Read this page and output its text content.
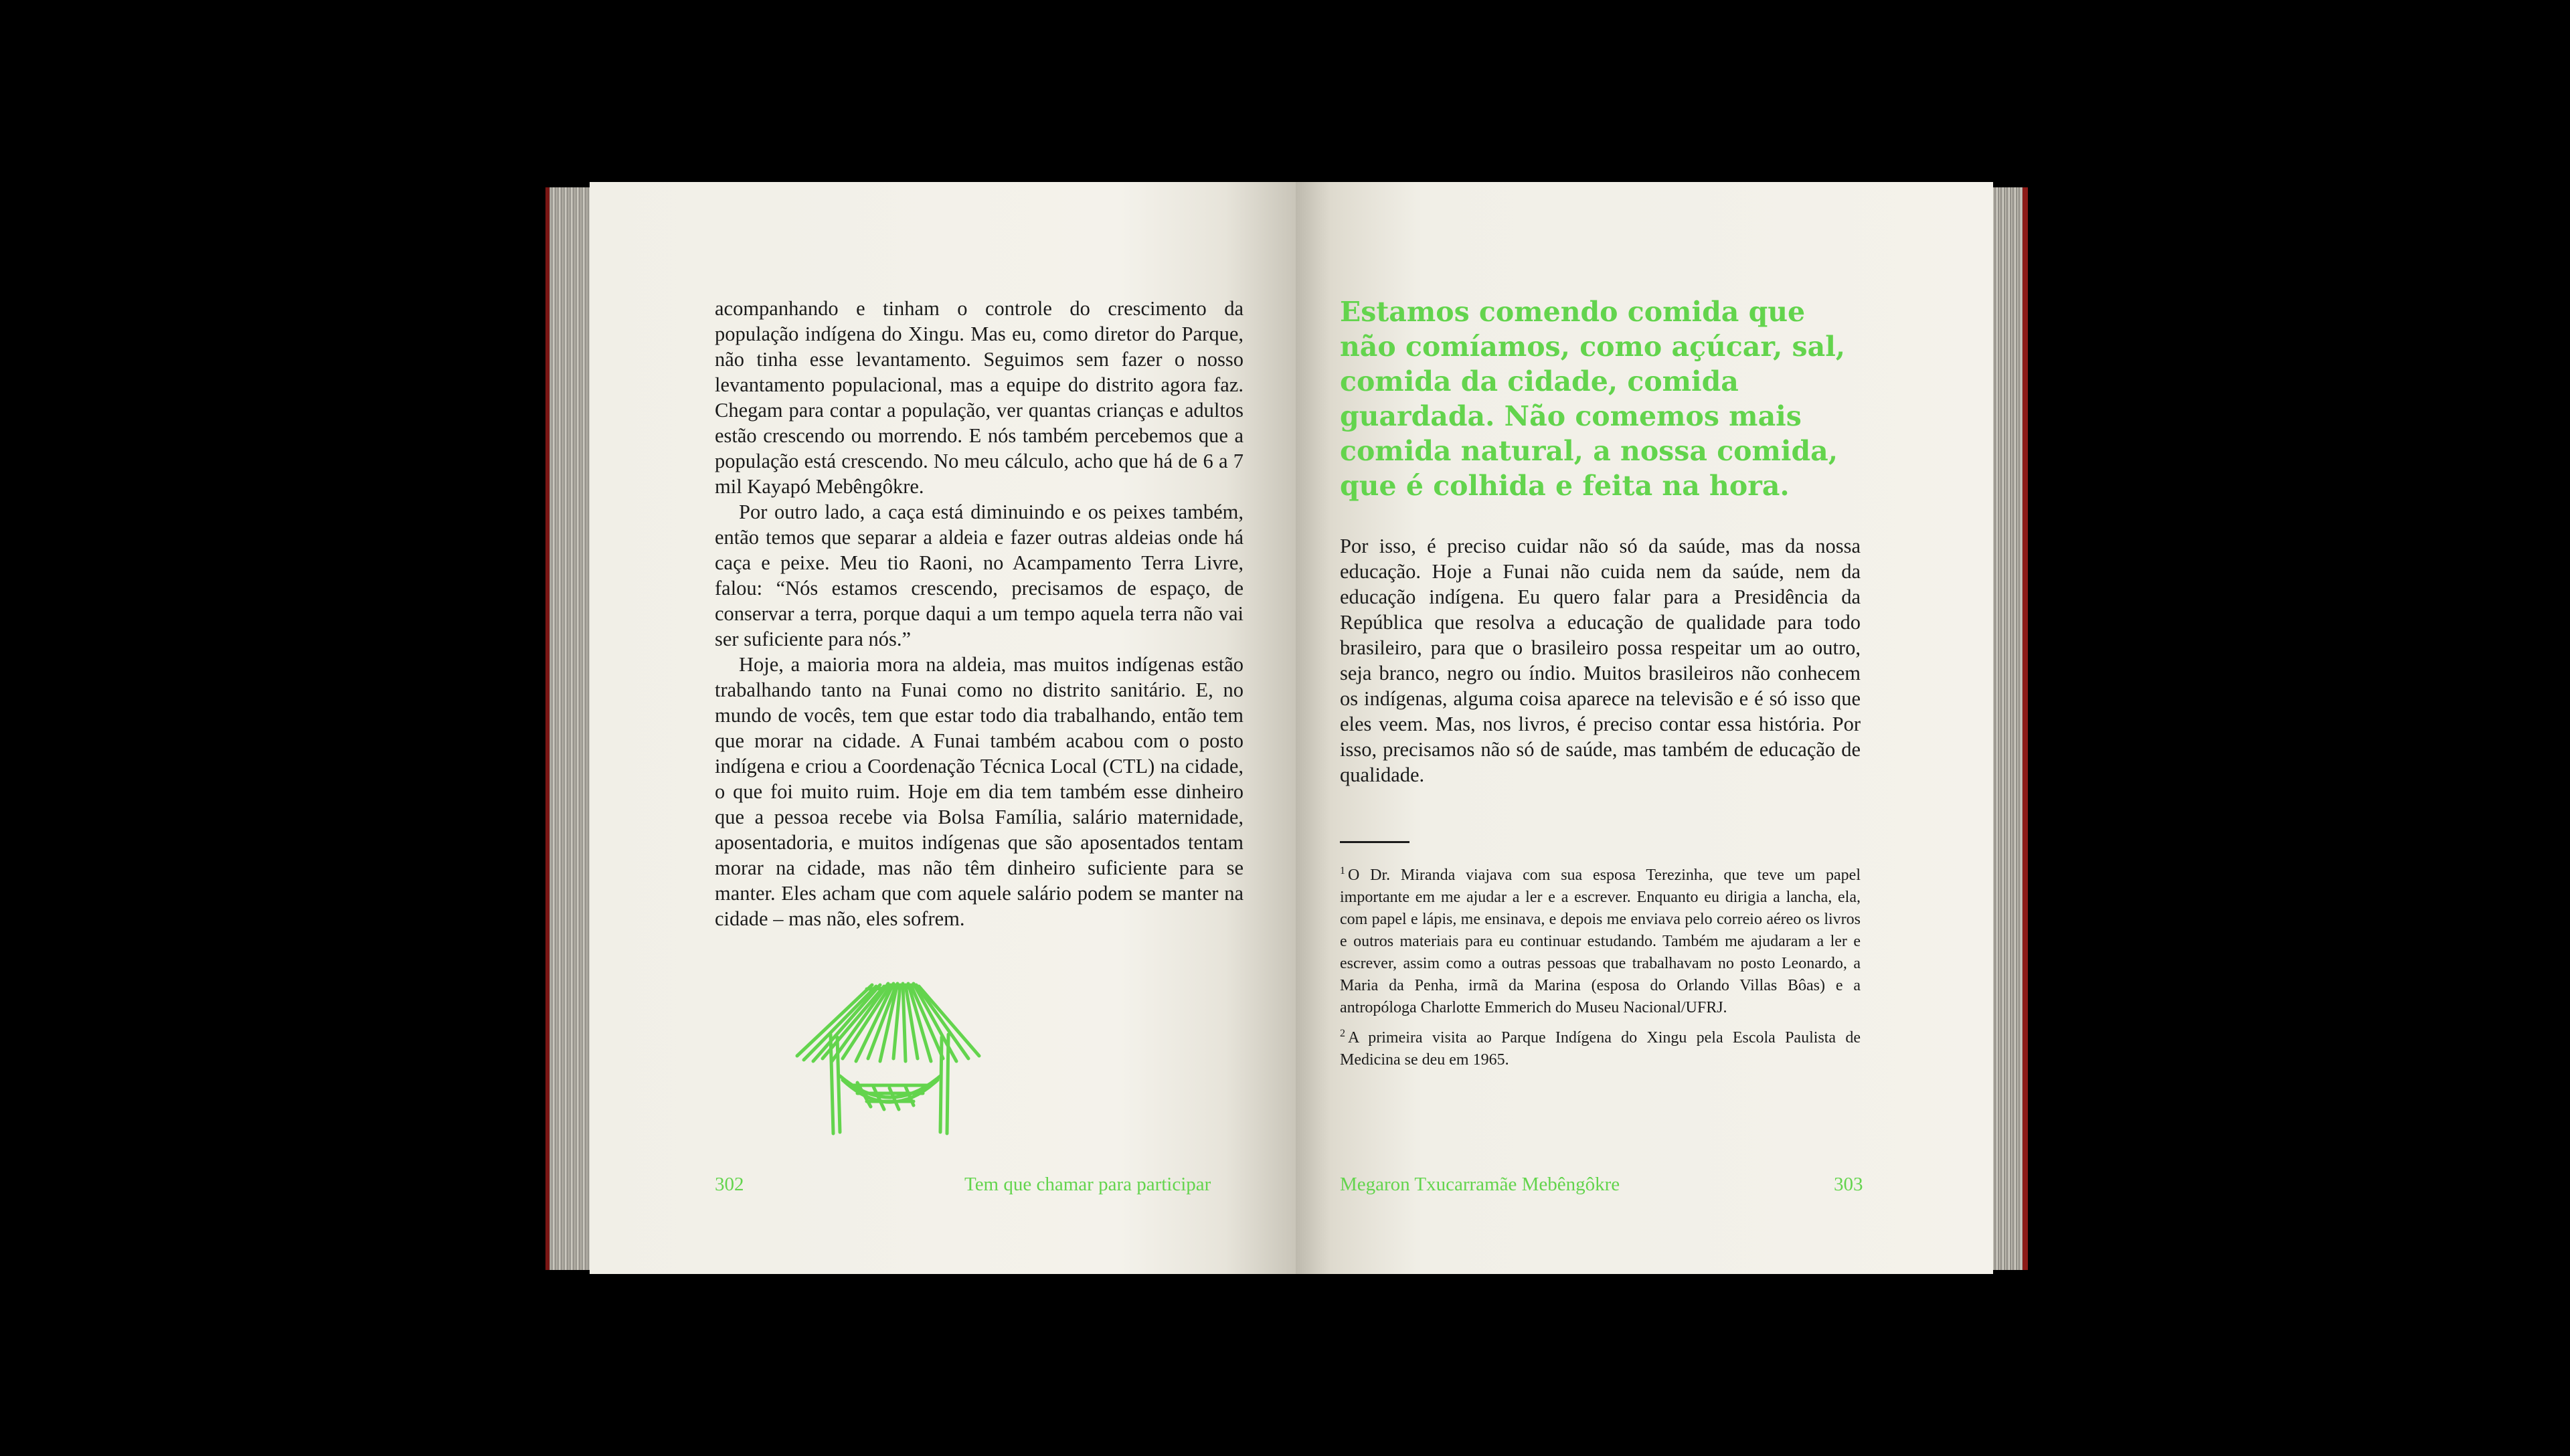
acompanhando e tinham o controle do crescimento da população indígena do Xingu. Mas eu, como diretor do Parque, não tinha esse levantamento. Seguimos sem fazer o nosso levantamento populacional, mas a equipe do distrito agora faz. Chegam para contar a população, ver quantas crianças e adultos estão crescendo ou morrendo. E nós também percebemos que a população está crescendo. No meu cálculo, acho que há de 6 a 7 mil Kayapó Mebêngôkre.

Por outro lado, a caça está diminuindo e os peixes também, então temos que separar a aldeia e fazer outras aldeias onde há caça e peixe. Meu tio Raoni, no Acampamento Terra Livre, falou: “Nós estamos crescendo, precisamos de espaço, de conservar a terra, porque daqui a um tempo aquela terra não vai ser suficiente para nós.”

Hoje, a maioria mora na aldeia, mas muitos indígenas estão trabalhando tanto na Funai como no distrito sanitário. E, no mundo de vocês, tem que estar todo dia trabalhando, então tem que morar na cidade. A Funai também acabou com o posto indígena e criou a Coordenação Técnica Local (CTL) na cidade, o que foi muito ruim. Hoje em dia tem também esse dinheiro que a pessoa recebe via Bolsa Família, salário maternidade, aposentadoria, e muitos indígenas que são aposentados tentam morar na cidade, mas não têm dinheiro suficiente para se manter. Eles acham que com aquele salário podem se manter na cidade – mas não, eles sofrem.

302	Tem que chamar para participar
Estamos comendo comida que não comíamos, como açúcar, sal, comida da cidade, comida guardada. Não comemos mais comida natural, a nossa comida, que é colhida e feita na hora.

Por isso, é preciso cuidar não só da saúde, mas da nossa educação. Hoje a Funai não cuida nem da saúde, nem da educação indígena. Eu quero falar para a Presidência da República que resolva a educação de qualidade para todo brasileiro, para que o brasileiro possa respeitar um ao outro, seja branco, negro ou índio. Muitos brasileiros não conhecem os indígenas, alguma coisa aparece na televisão e é só isso que eles veem. Mas, nos livros, é preciso contar essa história. Por isso, precisamos não só de saúde, mas também de educação de qualidade.

$^1$ O Dr. Miranda viajava com sua esposa Terezinha, que teve um papel importante em me ajudar a ler e a escrever. Enquanto eu dirigia a lancha, ela, com papel e lápis, me ensinava, e depois me enviava pelo correio aéreo os livros e outros materiais para eu continuar estudando. Também me ajudaram a ler e escrever, assim como a outras pessoas que trabalhavam no posto Leonardo, a Maria da Penha, irmã da Marina (esposa do Orlando Villas Bôas) e a antropóloga Charlotte Emmerich do Museu Nacional/UFRJ.

$^2$ A primeira visita ao Parque Indígena do Xingu pela Escola Paulista de Medicina se deu em 1965.

Megaron Txucarramãe Mebêngôkre	303
